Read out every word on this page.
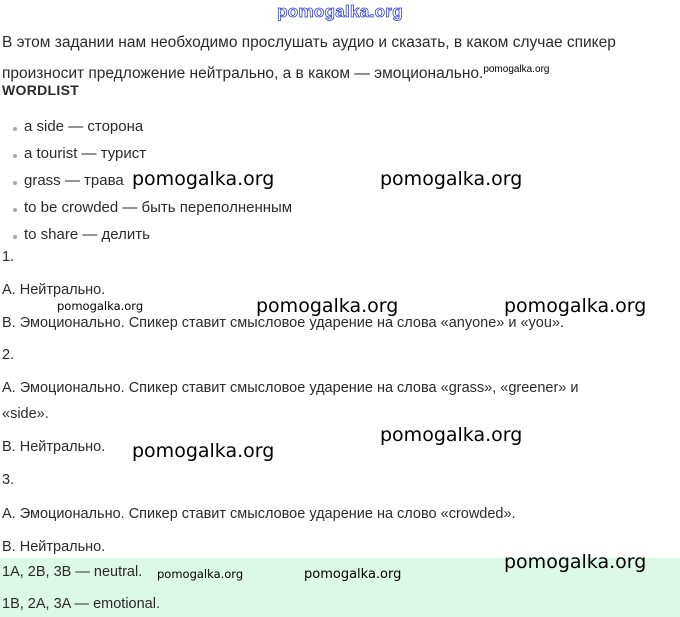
pomogalka.org
В этом задании нам необходимо прослушать аудио и сказать, в каком случае спикер произносит предложение нейтрально, а в каком — эмоционально.$^{pomogalka.org}$
WORDLIST
a side — сторона
a tourist — турист
grass — трава
to be crowded — быть переполненным
to share — делить
1.
A. Нейтрально.
B. Эмоционально. Спикер ставит смысловое ударение на слова «anyone» и «you».
2.
A. Эмоционально. Спикер ставит смысловое ударение на слова «grass», «greener» и
«side».
B. Нейтрально.
3.
A. Эмоционально. Спикер ставит смысловое ударение на слово «crowded».
B. Нейтрально.
1A, 2B, 3B — neutral.
1B, 2A, 3A — emotional.
pomogalka.org	pomogalka.org
pomogalka.org	pomogalka.org	pomogalka.org
pomogalka.org
pomogalka.org
pomogalka.org	pomogalka.org
pomogalka.org
